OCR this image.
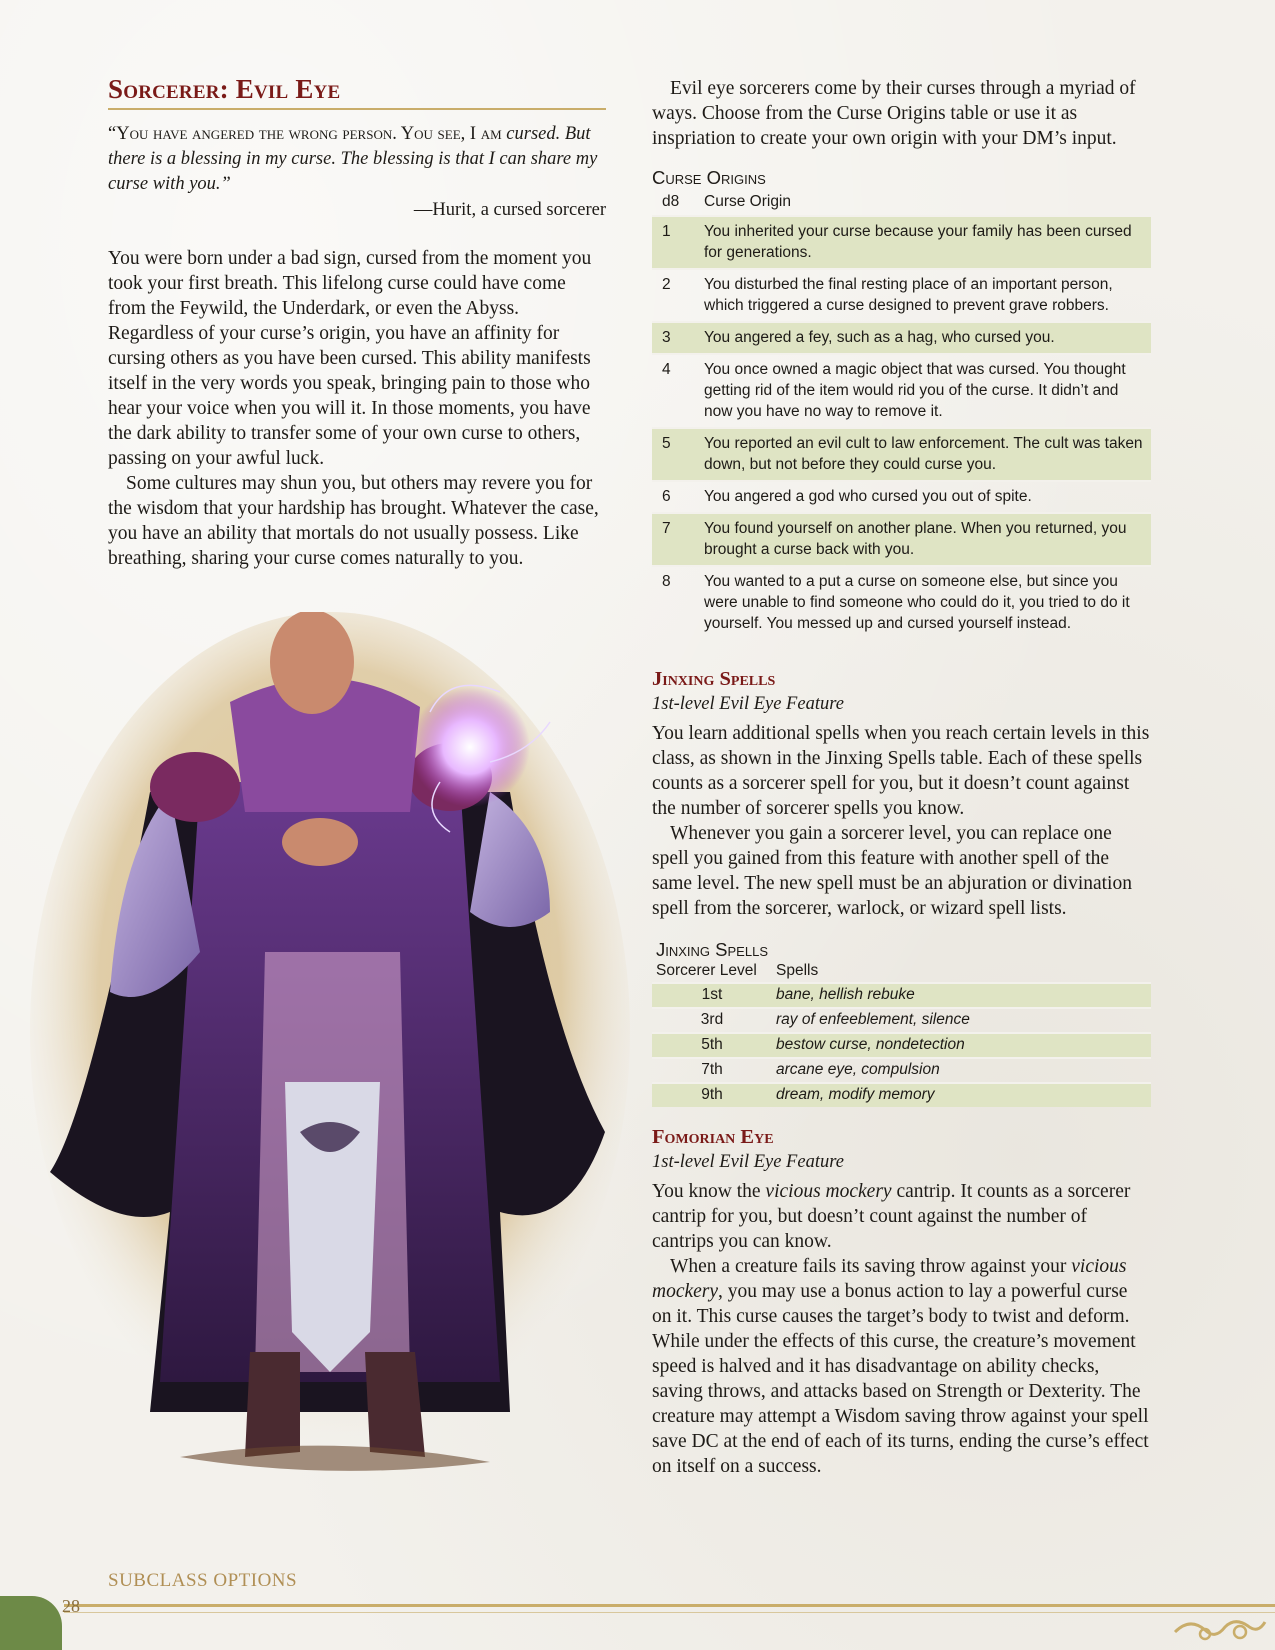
Sorcerer: Evil Eye
“You have angered the wrong person. You see, I am cursed. But there is a blessing in my curse. The blessing is that I can share my curse with you.”
—Hurit, a cursed sorcerer

You were born under a bad sign, cursed from the moment you took your first breath. This lifelong curse could have come from the Feywild, the Underdark, or even the Abyss. Regardless of your curse’s origin, you have an affinity for cursing others as you have been cursed. This ability manifests itself in the very words you speak, bringing pain to those who hear your voice when you will it. In those moments, you have the dark ability to transfer some of your own curse to others, passing on your awful luck.

Some cultures may shun you, but others may revere you for the wisdom that your hardship has brought. Whatever the case, you have an ability that mortals do not usually possess. Like breathing, sharing your curse comes naturally to you.

Evil eye sorcerers come by their curses through a myriad of ways. Choose from the Curse Origins table or use it as inspriation to create your own origin with your DM’s input.

Curse Origins
d8	Curse Origin
1	You inherited your curse because your family has been cursed for generations.
2	You disturbed the final resting place of an important person, which triggered a curse designed to prevent grave robbers.
3	You angered a fey, such as a hag, who cursed you.
4	You once owned a magic object that was cursed. You thought getting rid of the item would rid you of the curse. It didn’t and now you have no way to remove it.
5	You reported an evil cult to law enforcement. The cult was taken down, but not before they could curse you.
6	You angered a god who cursed you out of spite.
7	You found yourself on another plane. When you returned, you brought a curse back with you.
8	You wanted to a put a curse on someone else, but since you were unable to find someone who could do it, you tried to do it yourself. You messed up and cursed yourself instead.
Jinxing Spells
1st-level Evil Eye Feature

You learn additional spells when you reach certain levels in this class, as shown in the Jinxing Spells table. Each of these spells counts as a sorcerer spell for you, but it doesn’t count against the number of sorcerer spells you know.

Whenever you gain a sorcerer level, you can replace one spell you gained from this feature with another spell of the same level. The new spell must be an abjuration or divination spell from the sorcerer, warlock, or wizard spell lists.

Jinxing Spells
Sorcerer Level	Spells
1st	bane, hellish rebuke
3rd	ray of enfeeblement, silence
5th	bestow curse, nondetection
7th	arcane eye, compulsion
9th	dream, modify memory
Fomorian Eye
1st-level Evil Eye Feature

You know the vicious mockery cantrip. It counts as a sorcerer cantrip for you, but doesn’t count against the number of cantrips you can know.

When a creature fails its saving throw against your vicious mockery, you may use a bonus action to lay a powerful curse on it. This curse causes the target’s body to twist and deform. While under the effects of this curse, the creature’s movement speed is halved and it has disadvantage on ability checks, saving throws, and attacks based on Strength or Dexterity. The creature may attempt a Wisdom saving throw against your spell save DC at the end of each of its turns, ending the curse’s effect on itself on a success.

SUBCLASS OPTIONS
28
